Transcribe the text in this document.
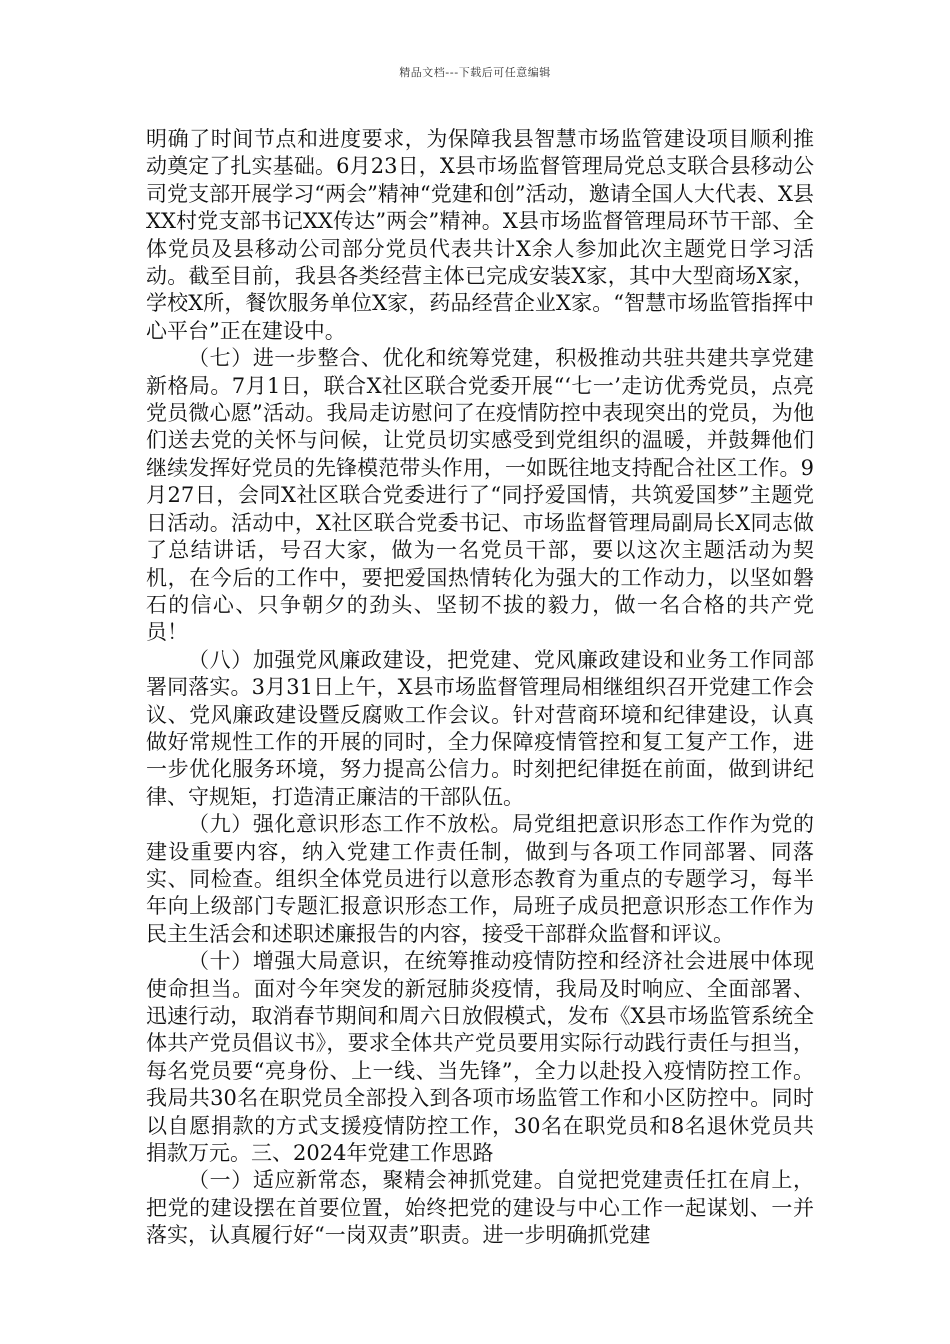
精品文档---下载后可任意编辑

明确了时间节点和进度要求，为保障我县智慧市场监管建设项目顺利推动奠定了扎实基础。6月23日，X县市场监督管理局党总支联合县移动公司党支部开展学习“两会”精神“党建和创”活动，邀请全国人大代表、X县XX村党支部书记XX传达”两会”精神。X县市场监督管理局环节干部、全体党员及县移动公司部分党员代表共计X余人参加此次主题党日学习活动。截至目前，我县各类经营主体已完成安装X家，其中大型商场X家，学校X所，餐饮服务单位X家，药品经营企业X家。“智慧市场监管指挥中心平台”正在建设中。

（七）进一步整合、优化和统筹党建，积极推动共驻共建共享党建新格局。7月1日，联合X社区联合党委开展“‘七一’走访优秀党员，点亮党员微心愿”活动。我局走访慰问了在疫情防控中表现突出的党员，为他们送去党的关怀与问候，让党员切实感受到党组织的温暖，并鼓舞他们继续发挥好党员的先锋模范带头作用，一如既往地支持配合社区工作。9月27日，会同X社区联合党委进行了“同抒爱国情，共筑爱国梦”主题党日活动。活动中，X社区联合党委书记、市场监督管理局副局长X同志做了总结讲话，号召大家，做为一名党员干部，要以这次主题活动为契机，在今后的工作中，要把爱国热情转化为强大的工作动力，以坚如磐石的信心、只争朝夕的劲头、坚韧不拔的毅力，做一名合格的共产党员！

（八）加强党风廉政建设，把党建、党风廉政建设和业务工作同部署同落实。3月31日上午，X县市场监督管理局相继组织召开党建工作会议、党风廉政建设暨反腐败工作会议。针对营商环境和纪律建设，认真做好常规性工作的开展的同时，全力保障疫情管控和复工复产工作，进一步优化服务环境，努力提高公信力。时刻把纪律挺在前面，做到讲纪律、守规矩，打造清正廉洁的干部队伍。

（九）强化意识形态工作不放松。局党组把意识形态工作作为党的建设重要内容，纳入党建工作责任制，做到与各项工作同部署、同落实、同检查。组织全体党员进行以意形态教育为重点的专题学习，每半年向上级部门专题汇报意识形态工作，局班子成员把意识形态工作作为民主生活会和述职述廉报告的内容，接受干部群众监督和评议。

（十）增强大局意识，在统筹推动疫情防控和经济社会进展中体现使命担当。面对今年突发的新冠肺炎疫情，我局及时响应、全面部署、迅速行动，取消春节期间和周六日放假模式，发布《X县市场监管系统全体共产党员倡议书》，要求全体共产党员要用实际行动践行责任与担当，每名党员要“亮身份、上一线、当先锋”，全力以赴投入疫情防控工作。我局共30名在职党员全部投入到各项市场监管工作和小区防控中。同时以自愿捐款的方式支援疫情防控工作，30名在职党员和8名退休党员共捐款万元。三、2024年党建工作思路

（一）适应新常态，聚精会神抓党建。自觉把党建责任扛在肩上，把党的建设摆在首要位置，始终把党的建设与中心工作一起谋划、一并落实，认真履行好“一岗双责”职责。进一步明确抓党建
